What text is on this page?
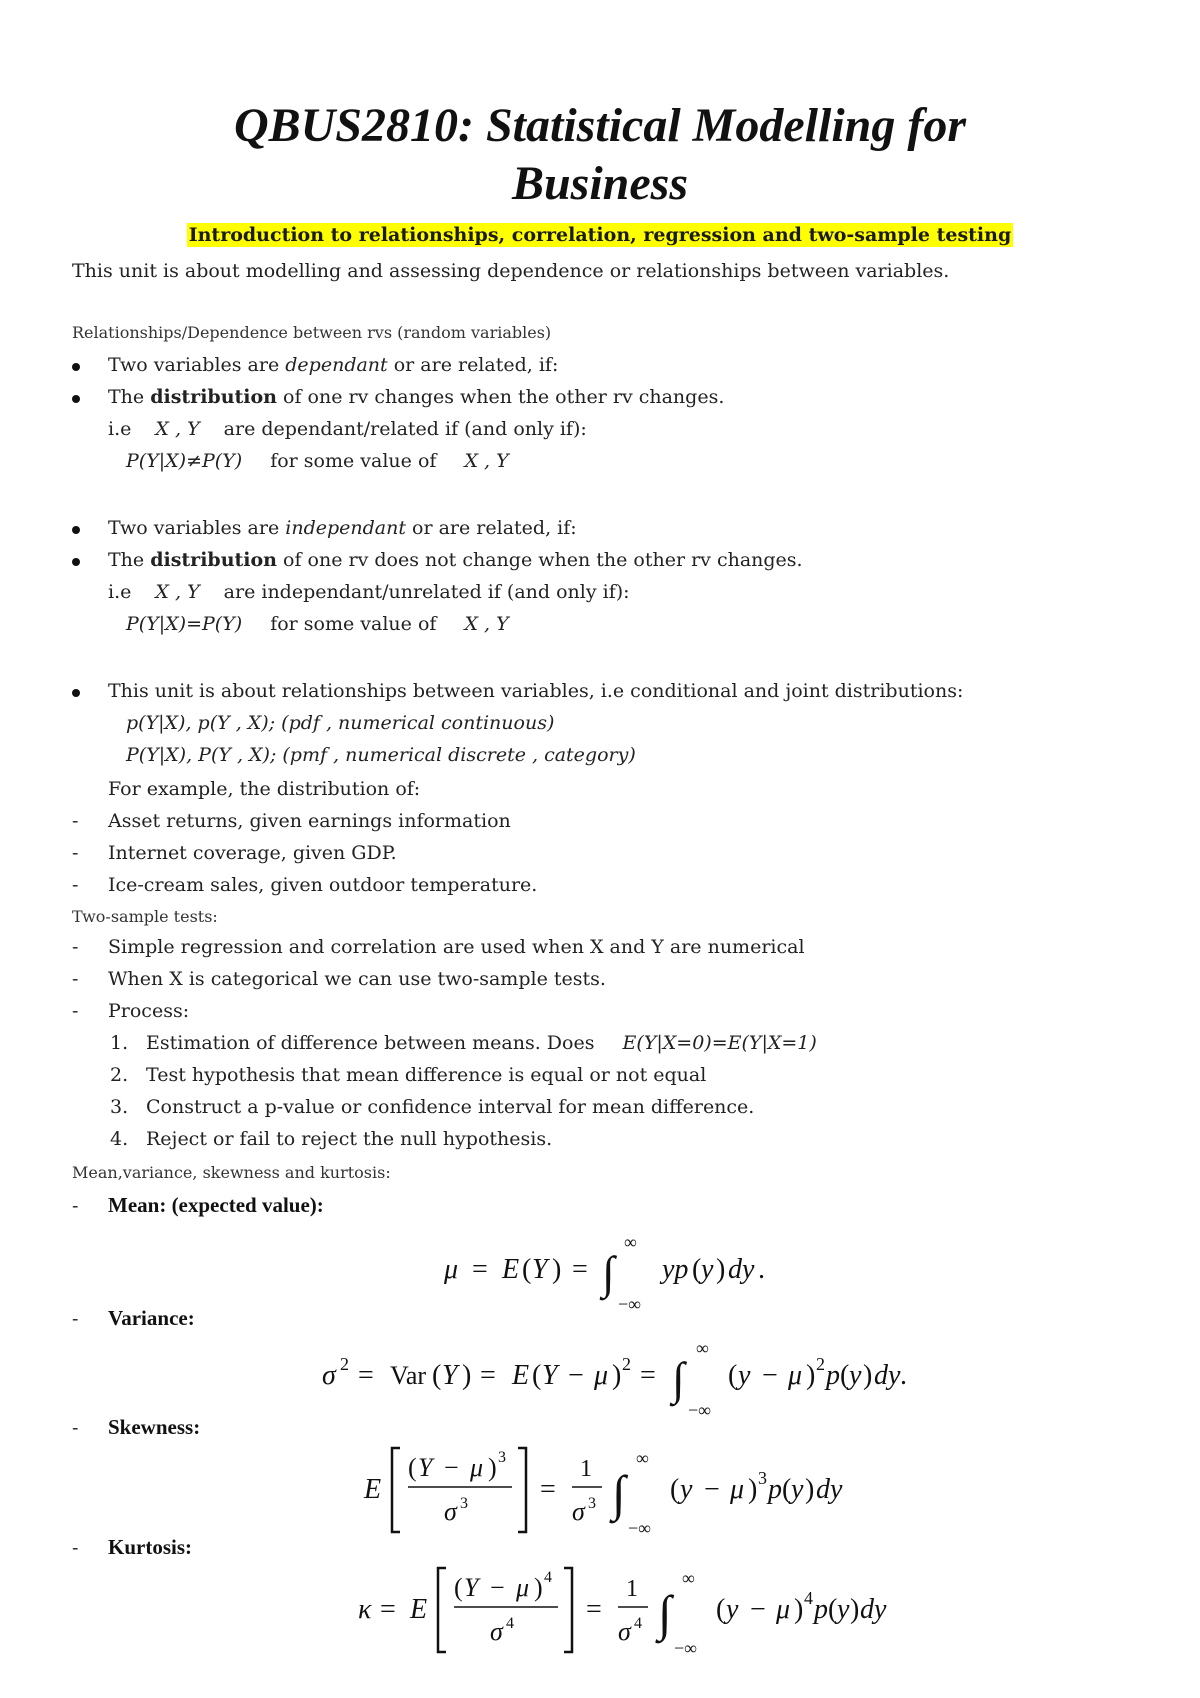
QBUS2810: Statistical Modelling for
Business
Introduction to relationships, correlation, regression and two-sample testing
This unit is about modelling and assessing dependence or relationships between variables.
Relationships/Dependence between rvs (random variables)
Two variables are dependant or are related, if:
The distribution of one rv changes when the other rv changes.
i.e X , Y are dependant/related if (and only if):
P(Y|X)≠P(Y) for some value of X , Y
Two variables are independant or are related, if:
The distribution of one rv does not change when the other rv changes.
i.e X , Y are independant/unrelated if (and only if):
P(Y|X)=P(Y) for some value of X , Y
This unit is about relationships between variables, i.e conditional and joint distributions:
p(Y|X), p(Y , X); (pdf , numerical continuous)
P(Y|X), P(Y , X); (pmf , numerical discrete , category)
For example, the distribution of:
- Asset returns, given earnings information
- Internet coverage, given GDP.
- Ice-cream sales, given outdoor temperature.
Two-sample tests:
- Simple regression and correlation are used when X and Y are numerical
- When X is categorical we can use two-sample tests.
- Process:
1. Estimation of difference between means. Does E(Y|X=0)=E(Y|X=1)
2. Test hypothesis that mean difference is equal or not equal
3. Construct a p-value or confidence interval for mean difference.
4. Reject or fail to reject the null hypothesis.
Mean,variance, skewness and kurtosis:
- Mean: (expected value):
μ = E ( Y ) = ∫
∞
−∞
yp ( y ) dy .
- Variance:
σ 2 = Var ( Y ) = E ( Y − μ ) 2 = ∫
∞
−∞
( y − μ ) 2 p ( y ) dy .
- Skewness:
E
( Y − μ ) 3
σ 3	=
1
σ 3 ∫
∞
−∞
( y − μ ) 3 p ( y ) dy
- Kurtosis:
κ = E
( Y − μ ) 4
σ 4	=
1
σ 4 ∫
∞
−∞
( y − μ ) 4 p ( y ) dy
